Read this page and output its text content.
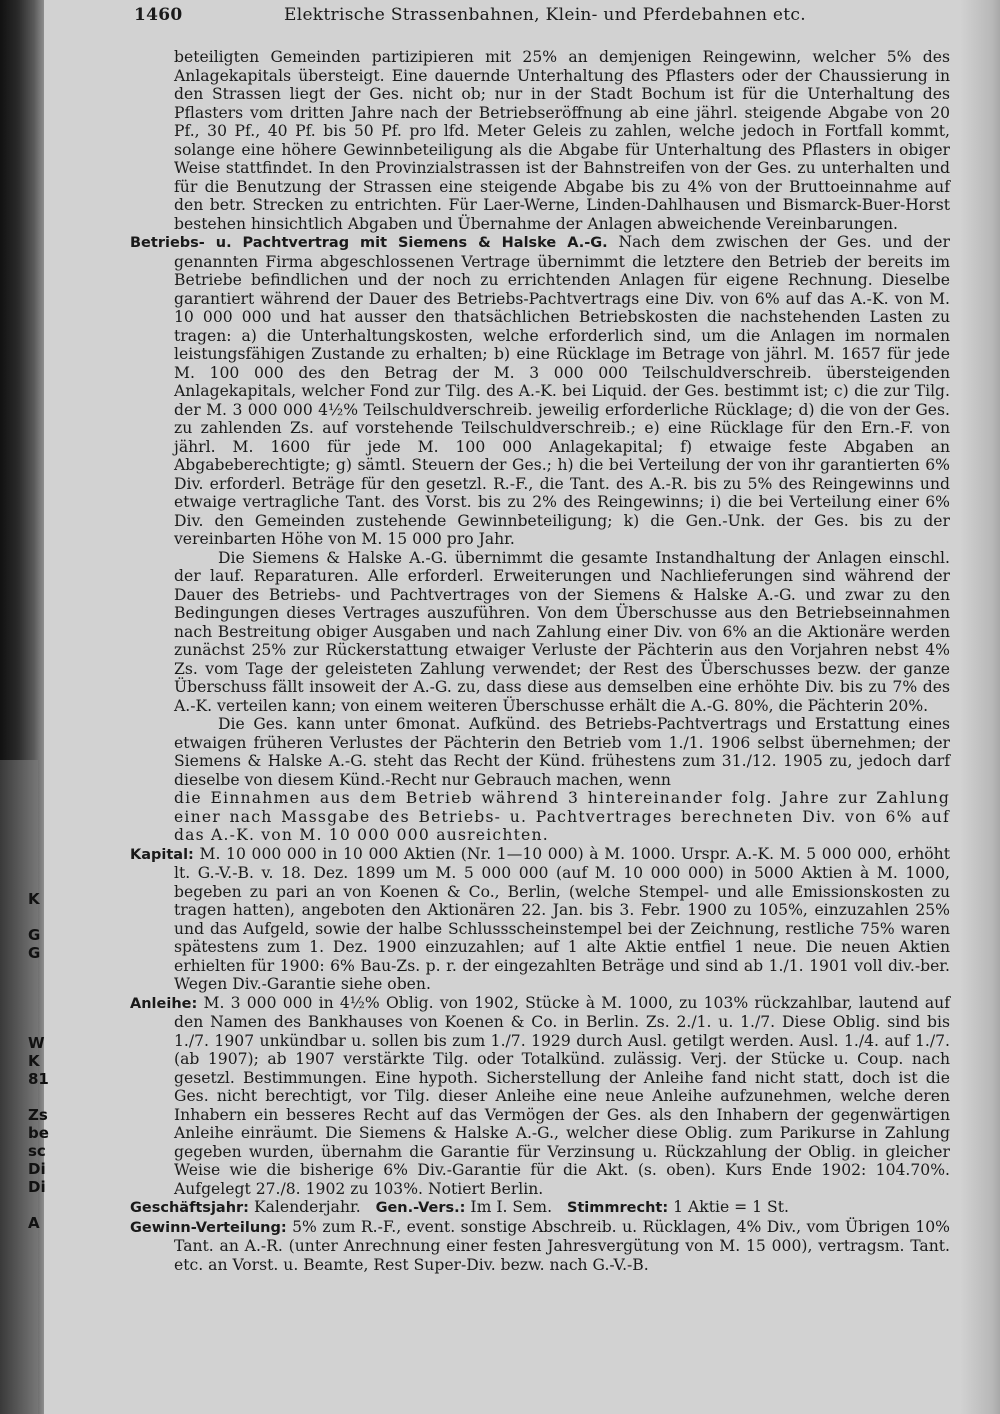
1460	Elektrische Strassenbahnen, Klein- und Pferdebahnen etc.
K
G
G
W
K
81
Zs
be
sc
Di
Di
A

beteiligten Gemeinden partizipieren mit 25% an demjenigen Reingewinn, welcher 5% des Anlagekapitals übersteigt. Eine dauernde Unterhaltung des Pflasters oder der Chaussierung in den Strassen liegt der Ges. nicht ob; nur in der Stadt Bochum ist für die Unterhaltung des Pflasters vom dritten Jahre nach der Betriebseröffnung ab eine jährl. steigende Abgabe von 20 Pf., 30 Pf., 40 Pf. bis 50 Pf. pro lfd. Meter Geleis zu zahlen, welche jedoch in Fortfall kommt, solange eine höhere Gewinnbeteiligung als die Abgabe für Unterhaltung des Pflasters in obiger Weise stattfindet. In den Provinzialstrassen ist der Bahnstreifen von der Ges. zu unterhalten und für die Benutzung der Strassen eine steigende Abgabe bis zu 4% von der Bruttoeinnahme auf den betr. Strecken zu entrichten. Für Laer-Werne, Linden-Dahlhausen und Bismarck-Buer-Horst bestehen hinsichtlich Abgaben und Übernahme der Anlagen abweichende Vereinbarungen.

Betriebs- u. Pachtvertrag mit Siemens & Halske A.-G. Nach dem zwischen der Ges. und der genannten Firma abgeschlossenen Vertrage übernimmt die letztere den Betrieb der bereits im Betriebe befindlichen und der noch zu errichtenden Anlagen für eigene Rechnung. Dieselbe garantiert während der Dauer des Betriebs-Pachtvertrags eine Div. von 6% auf das A.-K. von M. 10 000 000 und hat ausser den thatsächlichen Betriebskosten die nachstehenden Lasten zu tragen: a) die Unterhaltungskosten, welche erforderlich sind, um die Anlagen im normalen leistungsfähigen Zustande zu erhalten; b) eine Rücklage im Betrage von jährl. M. 1657 für jede M. 100 000 des den Betrag der M. 3 000 000 Teilschuldverschreib. übersteigenden Anlagekapitals, welcher Fond zur Tilg. des A.-K. bei Liquid. der Ges. bestimmt ist; c) die zur Tilg. der M. 3 000 000 4½% Teilschuldverschreib. jeweilig erforderliche Rücklage; d) die von der Ges. zu zahlenden Zs. auf vorstehende Teilschuldverschreib.; e) eine Rücklage für den Ern.-F. von jährl. M. 1600 für jede M. 100 000 Anlagekapital; f) etwaige feste Abgaben an Abgabeberechtigte; g) sämtl. Steuern der Ges.; h) die bei Verteilung der von ihr garantierten 6% Div. erforderl. Beträge für den gesetzl. R.-F., die Tant. des A.-R. bis zu 5% des Reingewinns und etwaige vertragliche Tant. des Vorst. bis zu 2% des Reingewinns; i) die bei Verteilung einer 6% Div. den Gemeinden zustehende Gewinnbeteiligung; k) die Gen.-Unk. der Ges. bis zu der vereinbarten Höhe von M. 15 000 pro Jahr.

Die Siemens & Halske A.-G. übernimmt die gesamte Instandhaltung der Anlagen einschl. der lauf. Reparaturen. Alle erforderl. Erweiterungen und Nachlieferungen sind während der Dauer des Betriebs- und Pachtvertrages von der Siemens & Halske A.-G. und zwar zu den Bedingungen dieses Vertrages auszuführen. Von dem Überschusse aus den Betriebseinnahmen nach Bestreitung obiger Ausgaben und nach Zahlung einer Div. von 6% an die Aktionäre werden zunächst 25% zur Rückerstattung etwaiger Verluste der Pächterin aus den Vorjahren nebst 4% Zs. vom Tage der geleisteten Zahlung verwendet; der Rest des Überschusses bezw. der ganze Überschuss fällt insoweit der A.-G. zu, dass diese aus demselben eine erhöhte Div. bis zu 7% des A.-K. verteilen kann; von einem weiteren Überschusse erhält die A.-G. 80%, die Pächterin 20%.

Die Ges. kann unter 6monat. Aufkünd. des Betriebs-Pachtvertrags und Erstattung eines etwaigen früheren Verlustes der Pächterin den Betrieb vom 1./1. 1906 selbst übernehmen; der Siemens & Halske A.-G. steht das Recht der Künd. frühestens zum 31./12. 1905 zu, jedoch darf dieselbe von diesem Künd.-Recht nur Gebrauch machen, wenn

die Einnahmen aus dem Betrieb während 3 hintereinander folg. Jahre zur Zahlung einer nach Massgabe des Betriebs- u. Pachtvertrages berechneten Div. von 6% auf das A.-K. von M. 10 000 000 ausreichten.

Kapital: M. 10 000 000 in 10 000 Aktien (Nr. 1—10 000) à M. 1000. Urspr. A.-K. M. 5 000 000, erhöht lt. G.-V.-B. v. 18. Dez. 1899 um M. 5 000 000 (auf M. 10 000 000) in 5000 Aktien à M. 1000, begeben zu pari an von Koenen & Co., Berlin, (welche Stempel- und alle Emissionskosten zu tragen hatten), angeboten den Aktionären 22. Jan. bis 3. Febr. 1900 zu 105%, einzuzahlen 25% und das Aufgeld, sowie der halbe Schlussscheinstempel bei der Zeichnung, restliche 75% waren spätestens zum 1. Dez. 1900 einzuzahlen; auf 1 alte Aktie entfiel 1 neue. Die neuen Aktien erhielten für 1900: 6% Bau-Zs. p. r. der eingezahlten Beträge und sind ab 1./1. 1901 voll div.-ber. Wegen Div.-Garantie siehe oben.

Anleihe: M. 3 000 000 in 4½% Oblig. von 1902, Stücke à M. 1000, zu 103% rückzahlbar, lautend auf den Namen des Bankhauses von Koenen & Co. in Berlin. Zs. 2./1. u. 1./7. Diese Oblig. sind bis 1./7. 1907 unkündbar u. sollen bis zum 1./7. 1929 durch Ausl. getilgt werden. Ausl. 1./4. auf 1./7. (ab 1907); ab 1907 verstärkte Tilg. oder Totalkünd. zulässig. Verj. der Stücke u. Coup. nach gesetzl. Bestimmungen. Eine hypoth. Sicherstellung der Anleihe fand nicht statt, doch ist die Ges. nicht berechtigt, vor Tilg. dieser Anleihe eine neue Anleihe aufzunehmen, welche deren Inhabern ein besseres Recht auf das Vermögen der Ges. als den Inhabern der gegenwärtigen Anleihe einräumt. Die Siemens & Halske A.-G., welcher diese Oblig. zum Parikurse in Zahlung gegeben wurden, übernahm die Garantie für Verzinsung u. Rückzahlung der Oblig. in gleicher Weise wie die bisherige 6% Div.-Garantie für die Akt. (s. oben). Kurs Ende 1902: 104.70%. Aufgelegt 27./8. 1902 zu 103%. Notiert Berlin.

Geschäftsjahr: Kalenderjahr. Gen.-Vers.: Im I. Sem. Stimmrecht: 1 Aktie = 1 St.

Gewinn-Verteilung: 5% zum R.-F., event. sonstige Abschreib. u. Rücklagen, 4% Div., vom Übrigen 10% Tant. an A.-R. (unter Anrechnung einer festen Jahresvergütung von M. 15 000), vertragsm. Tant. etc. an Vorst. u. Beamte, Rest Super-Div. bezw. nach G.-V.-B.
